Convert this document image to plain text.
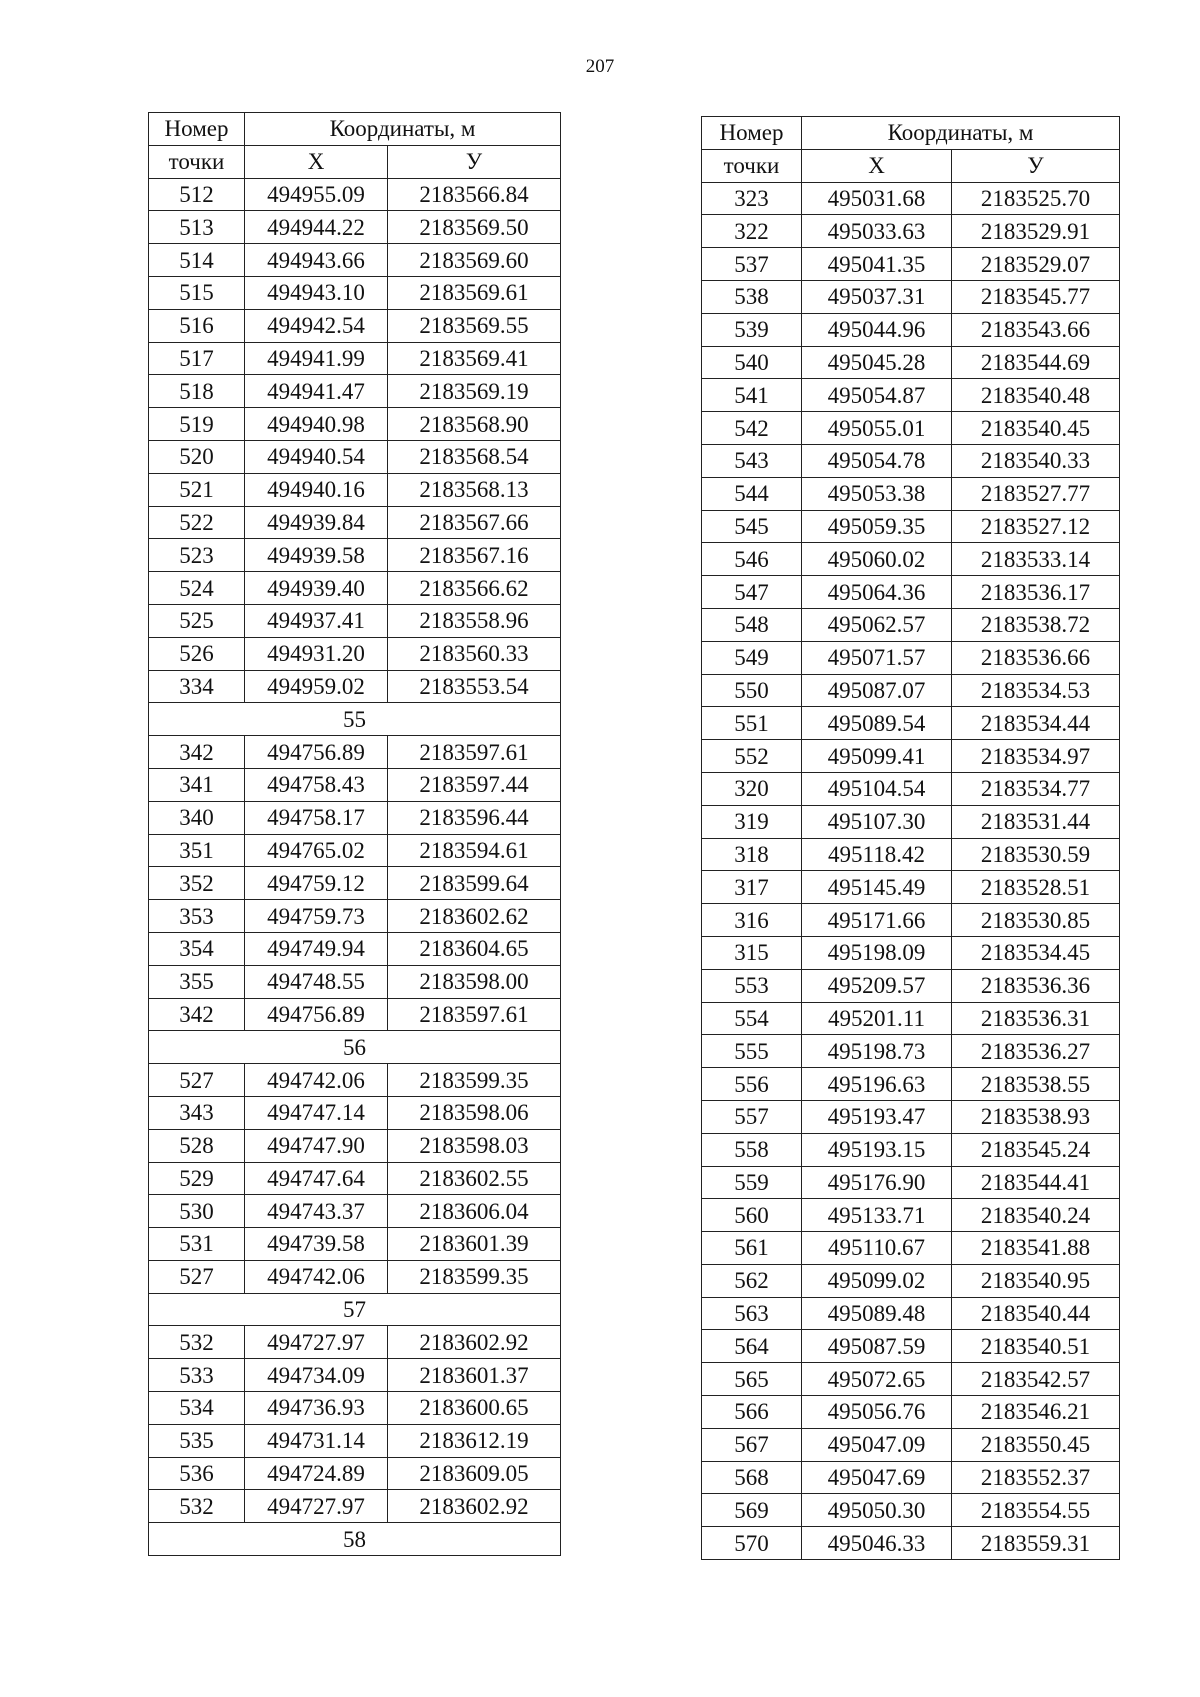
207
Номер	Координаты, м	
точки	X	У
512	494955.09	2183566.84
513	494944.22	2183569.50
514	494943.66	2183569.60
515	494943.10	2183569.61
516	494942.54	2183569.55
517	494941.99	2183569.41
518	494941.47	2183569.19
519	494940.98	2183568.90
520	494940.54	2183568.54
521	494940.16	2183568.13
522	494939.84	2183567.66
523	494939.58	2183567.16
524	494939.40	2183566.62
525	494937.41	2183558.96
526	494931.20	2183560.33
334	494959.02	2183553.54
55		
342	494756.89	2183597.61
341	494758.43	2183597.44
340	494758.17	2183596.44
351	494765.02	2183594.61
352	494759.12	2183599.64
353	494759.73	2183602.62
354	494749.94	2183604.65
355	494748.55	2183598.00
342	494756.89	2183597.61
56		
527	494742.06	2183599.35
343	494747.14	2183598.06
528	494747.90	2183598.03
529	494747.64	2183602.55
530	494743.37	2183606.04
531	494739.58	2183601.39
527	494742.06	2183599.35
57		
532	494727.97	2183602.92
533	494734.09	2183601.37
534	494736.93	2183600.65
535	494731.14	2183612.19
536	494724.89	2183609.05
532	494727.97	2183602.92
58		
Номер	Координаты, м	
точки	X	У
323	495031.68	2183525.70
322	495033.63	2183529.91
537	495041.35	2183529.07
538	495037.31	2183545.77
539	495044.96	2183543.66
540	495045.28	2183544.69
541	495054.87	2183540.48
542	495055.01	2183540.45
543	495054.78	2183540.33
544	495053.38	2183527.77
545	495059.35	2183527.12
546	495060.02	2183533.14
547	495064.36	2183536.17
548	495062.57	2183538.72
549	495071.57	2183536.66
550	495087.07	2183534.53
551	495089.54	2183534.44
552	495099.41	2183534.97
320	495104.54	2183534.77
319	495107.30	2183531.44
318	495118.42	2183530.59
317	495145.49	2183528.51
316	495171.66	2183530.85
315	495198.09	2183534.45
553	495209.57	2183536.36
554	495201.11	2183536.31
555	495198.73	2183536.27
556	495196.63	2183538.55
557	495193.47	2183538.93
558	495193.15	2183545.24
559	495176.90	2183544.41
560	495133.71	2183540.24
561	495110.67	2183541.88
562	495099.02	2183540.95
563	495089.48	2183540.44
564	495087.59	2183540.51
565	495072.65	2183542.57
566	495056.76	2183546.21
567	495047.09	2183550.45
568	495047.69	2183552.37
569	495050.30	2183554.55
570	495046.33	2183559.31
